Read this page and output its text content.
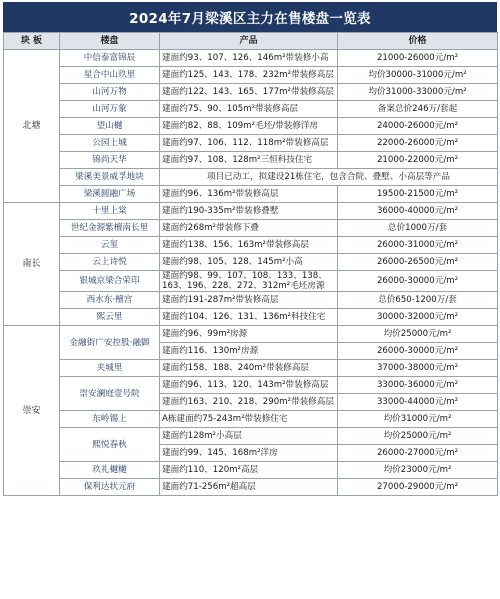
2024年7月梁溪区主力在售楼盘一览表
块 板	楼盘	产品	价格
北塘	中信泰富锦辰	建面约93、107、126、146m²带装修小高	21000-26000元/m²
	星合中山玖里	建面约125、143、178、232m²带装修高层	均价30000-31000元/m²
	山河万物	建面约122、143、165、177m²带装修高层	均价31000-33000元/m²
	山河万象	建面约75、90、105m²带装修高层	备案总价246万/套起
	望山樾	建面约82、88、109m²毛坯/带装修洋房	24000-26000元/m²
	公园上城	建面约97、106、112、118m²带装修高层	22000-26000元/m²
	锦尚天华	建面约97、108、128m²三恒科技住宅	21000-22000元/m²
	梁溪美景威孚地块	项目已动工，拟建设21栋住宅，包含合院、叠墅、小高层等产品	
	梁溪圆融广场	建面约96、136m²带装修高层	19500-21500元/m²
南长	十里上棠	建面约190-335m²带装修叠墅	36000-40000元/m²
	世纪金源紫檀南长里	建面约268m²带装修下叠	总价1000万/套
	云玺	建面约138、156、163m²带装修高层	26000-31000元/m²
	云上诗悦	建面约98、105、128、145m²小高	26000-26500元/m²
	银城京梁合荣印	建面约98、99、107、108、133、138、163、196、228、272、312m²毛坯房源	26000-30000元/m²
	西水东·檀宫	建面约191-287m²带装修高层	总价650-1200万/套
	熙云里	建面约104、126、131、136m²科技住宅	30000-32000元/m²
崇安	金融街广安控股·融御	建面约96、99m²房源	均价25000元/m²
		建面约116、130m²房源	26000-30000元/m²
	夹城里	建面约158、188、240m²带装修高层	37000-38000元/m²
	崇安澜庭壹号院	建面约96、113、120、143m²带装修高层	33000-36000元/m²
		建面约163、210、218、290m²带装修高层	33000-44000元/m²
	东岭锡上	A栋建面约75-243m²带装修住宅	均价31000元/m²
	熙悦春秋	建面约128m²小高层	均价25000元/m²
		建面约99、145、168m²洋房	26000-27000元/m²
	玖礼樾樾	建面约110、120m²高层	均价23000元/m²
	保利达状元府	建面约71-256m²超高层	27000-29000元/m²
